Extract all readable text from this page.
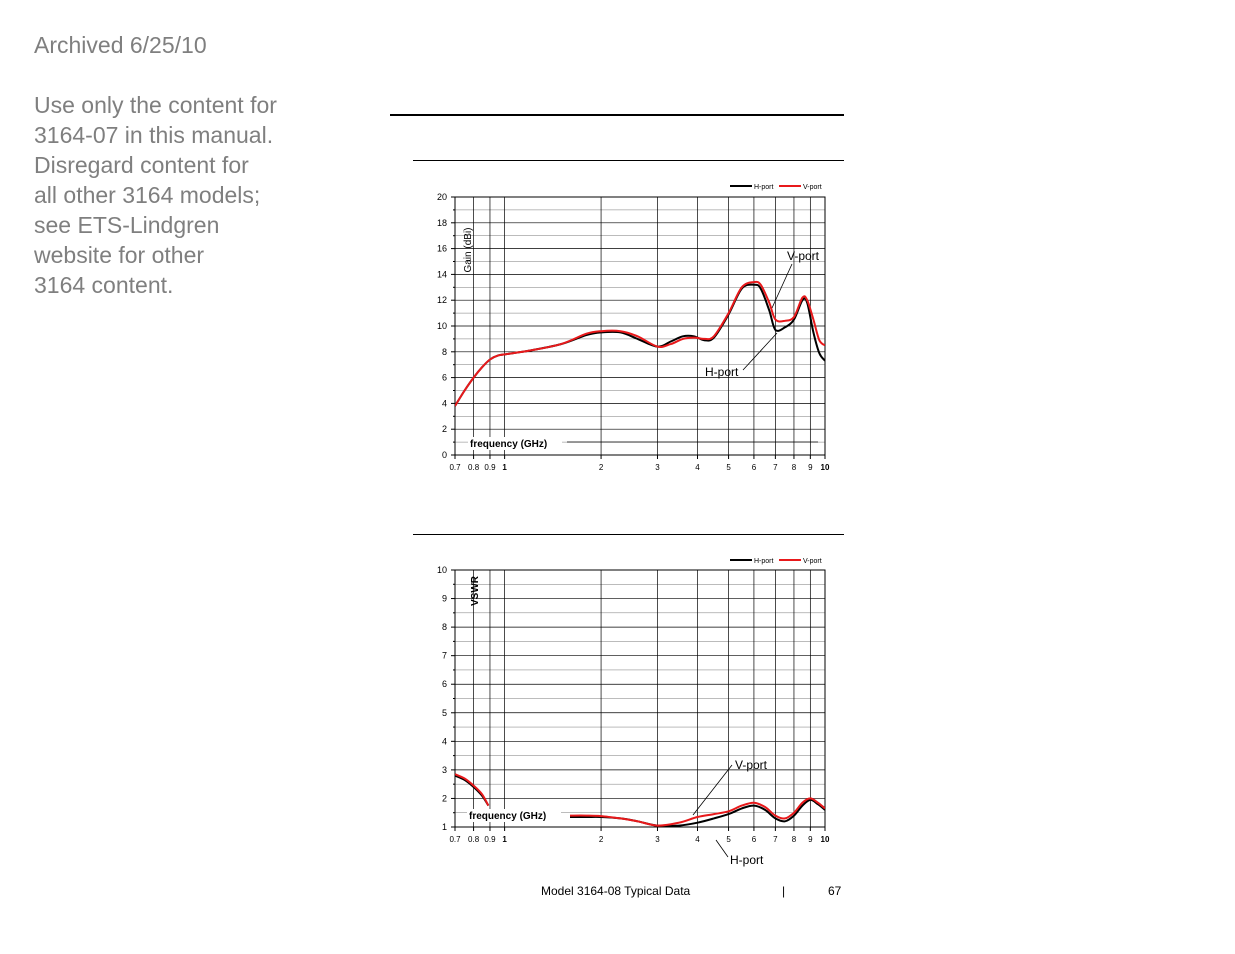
Archived 6/25/10

Use only the content for

3164-07 in this manual.

Disregard content for

all other 3164 models;

see ETS-Lindgren

website for other

3164 content.

0
2
4
6
8
10
12
14
16
18
20
0.7 0.8 0.9 1	2	3	4	5	6 7 8 9 10
Gain (dBi)
frequency (GHz)
H-port	V-port
V-port
H-port
1
2
3
4
5
6
7
8
9
10
0.7 0.8 0.9 1	2	3	4	5	6 7 8 9 10
VSWR
frequency (GHz)
H-port	V-port
V-port
H-port
Model 3164-08 Typical Data	|	67
